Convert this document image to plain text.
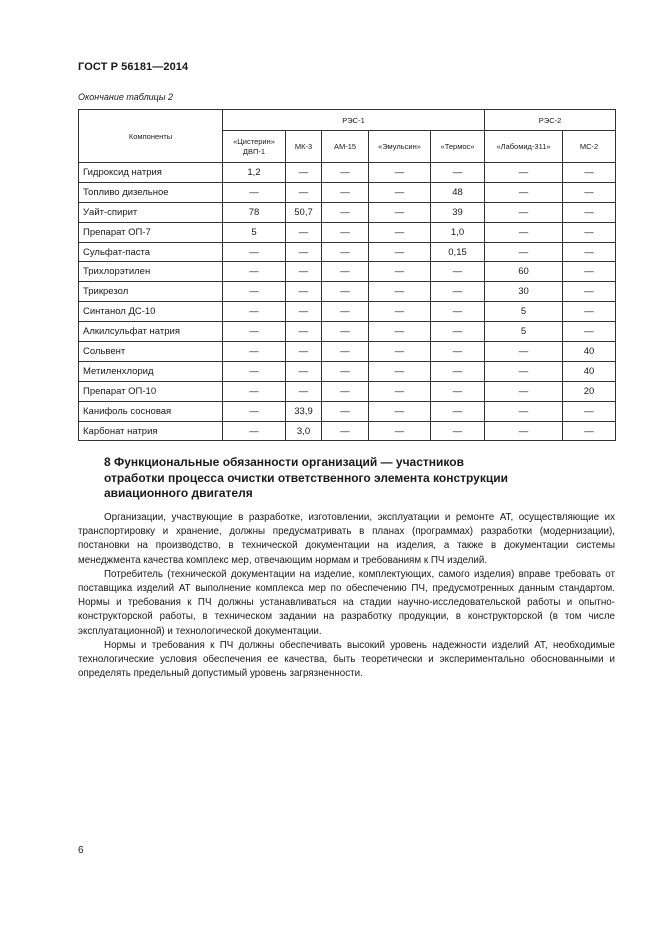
ГОСТ Р 56181—2014
Окончание таблицы 2
Компоненты	РЭС-1					РЭС-2	
	«Цистерин» ДВП-1	МК-3	АМ-15	«Эмульсин»	«Термос»	«Лабомид-311»	МС-2
Гидроксид натрия	1,2	—	—	—	—	—	—
Топливо дизельное	—	—	—	—	48	—	—
Уайт-спирит	78	50,7	—	—	39	—	—
Препарат ОП-7	5	—	—	—	1,0	—	—
Сульфат-паста	—	—	—	—	0,15	—	—
Трихлорэтилен	—	—	—	—	—	60	—
Трикрезол	—	—	—	—	—	30	—
Синтанол ДС-10	—	—	—	—	—	5	—
Алкилсульфат натрия	—	—	—	—	—	5	—
Сольвент	—	—	—	—	—	—	40
Метиленхлорид	—	—	—	—	—	—	40
Препарат ОП-10	—	—	—	—	—	—	20
Канифоль сосновая	—	33,9	—	—	—	—	—
Карбонат натрия	—	3,0	—	—	—	—	—
8 Функциональные обязанности организаций — участников
отработки процесса очистки ответственного элемента конструкции
авиационного двигателя

Организации, участвующие в разработке, изготовлении, эксплуатации и ремонте АТ, осуществляющие их транспортировку и хранение, должны предусматривать в планах (программах) разработки (модернизации), постановки на производство, в технической документации на изделия, а также в документации системы менеджмента качества комплекс мер, отвечающим нормам и требованиям к ПЧ изделий.

Потребитель (технической документации на изделие, комплектующих, самого изделия) вправе требовать от поставщика изделий АТ выполнение комплекса мер по обеспечению ПЧ, предусмотренных данным стандартом. Нормы и требования к ПЧ должны устанавливаться на стадии научно-исследовательской работы и опытно-конструкторской работы, в техническом задании на разработку продукции, в конструкторской (в том числе эксплуатационной) и технологической документации.

Нормы и требования к ПЧ должны обеспечивать высокий уровень надежности изделий АТ, необходимые технологические условия обеспечения ее качества, быть теоретически и экспериментально обоснованными и определять предельный допустимый уровень загрязненности.

6
